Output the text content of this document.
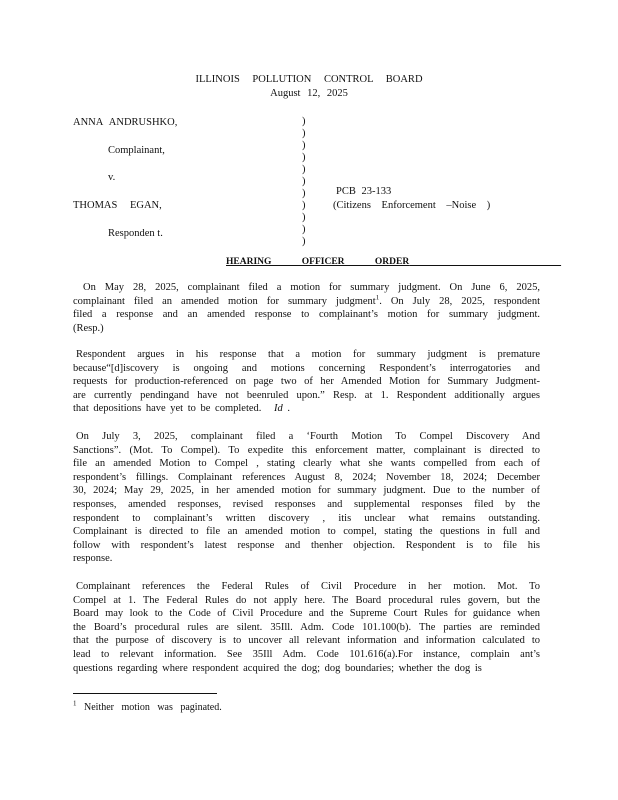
ILLINOIS POLLUTION CONTROL BOARD
August 12, 2025
ANNA ANDRUSHKO,
Complainant,
v.
THOMAS EGAN,
Responden t.
)
)
)
)
)
)
)
)
)
)
)
PCB 23-133
(Citizens Enforcement –Noise )
HEARING OFFICER ORDER
On May 28, 2025, complainant filed a motion for summary judgment. On June 6, 2025,
complainant filed an amended motion for summary judgment$^1$. On July 28, 2025, respondent
filed a response and an amended response to complainant’s motion for summary judgment.
(Resp.)
Respondent argues in his response that a motion for summary judgment is premature
because“[d]iscovery is ongoing and motions concerning Respondent’s interrogatories and
requests for production-referenced on page two of her Amended Motion for Summary Judgment-
are currently pendingand have not beenruled upon.” Resp. at 1. Respondent additionally argues
that depositions have yet to be completed. Id .
On July 3, 2025, complainant filed a ‘Fourth Motion To Compel Discovery And
Sanctions”. (Mot. To Compel). To expedite this enforcement matter, complainant is directed to
file an amended Motion to Compel , stating clearly what she wants compelled from each of
respondent’s fillings. Complainant references August 8, 2024; November 18, 2024; December
30, 2024; May 29, 2025, in her amended motion for summary judgment. Due to the number of
responses, amended responses, revised responses and supplemental responses filed by the
respondent to complainant’s written discovery , itis unclear what remains outstanding.
Complainant is directed to file an amended motion to compel, stating the questions in full and
follow with respondent’s latest response and thenher objection. Respondent is to file his
response.
Complainant references the Federal Rules of Civil Procedure in her motion. Mot. To
Compel at 1. The Federal Rules do not apply here. The Board procedural rules govern, but the
Board may look to the Code of Civil Procedure and the Supreme Court Rules for guidance when
the Board’s procedural rules are silent. 35Ill. Adm. Code 101.100(b). The parties are reminded
that the purpose of discovery is to uncover all relevant information and information calculated to
lead to relevant information. See 35Ill Adm. Code 101.616(a).For instance, complain ant’s
questions regarding where respondent acquired the dog; dog boundaries; whether the dog is
$^1$ Neither motion was paginated.
